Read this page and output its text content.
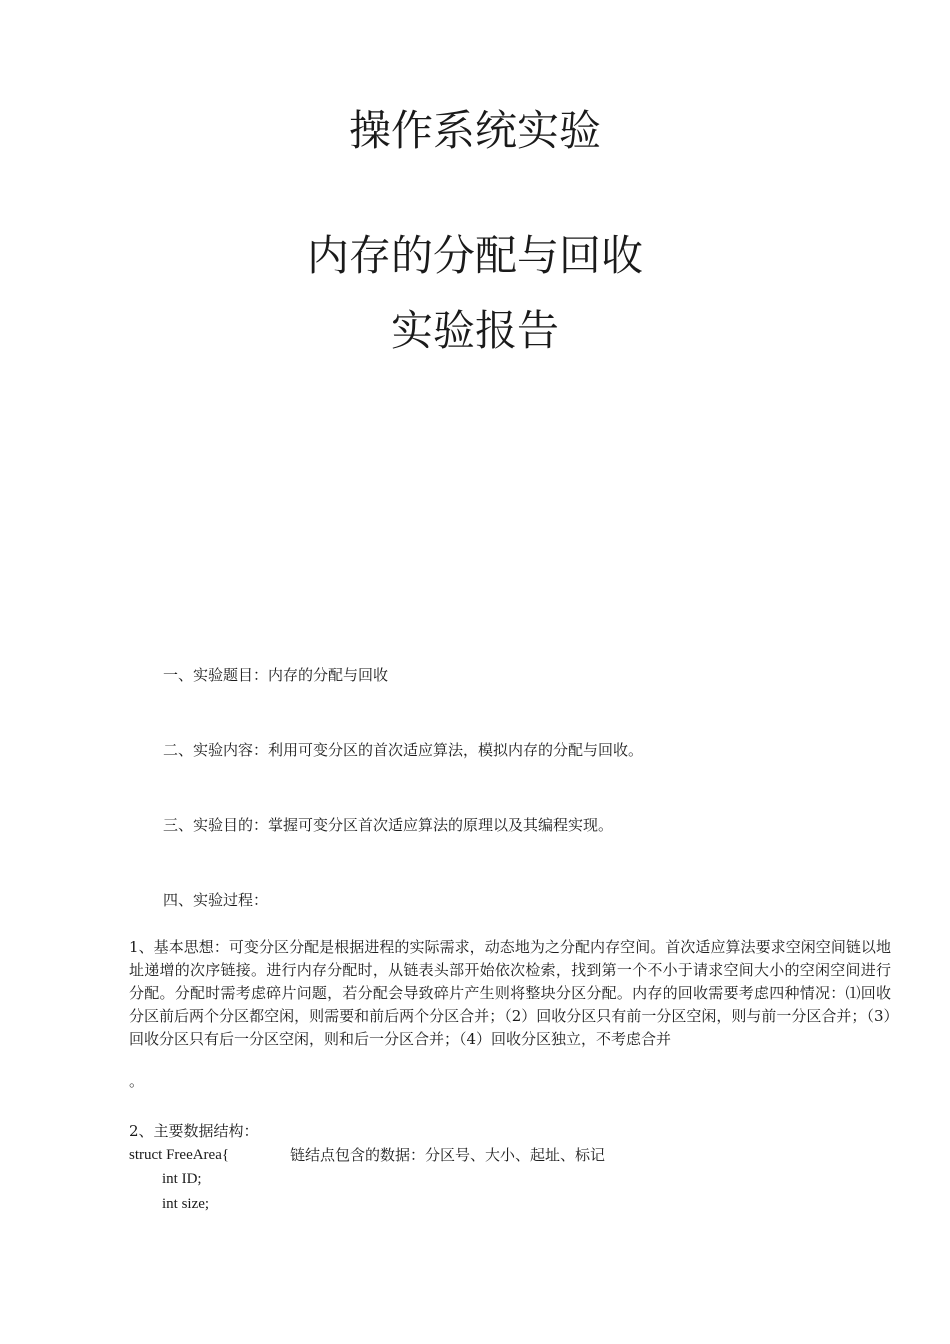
操作系统实验
内存的分配与回收
实验报告

一、实验题目：内存的分配与回收

二、实验内容：利用可变分区的首次适应算法，模拟内存的分配与回收。

三、实验目的：掌握可变分区首次适应算法的原理以及其编程实现。

四、实验过程：

1、基本思想：可变分区分配是根据进程的实际需求，动态地为之分配内存空间。首次适应算法要求空闲空间链以地址递增的次序链接。进行内存分配时，从链表头部开始依次检索，找到第一个不小于请求空间大小的空闲空间进行分配。分配时需考虑碎片问题，若分配会导致碎片产生则将整块分区分配。内存的回收需要考虑四种情况：⑴回收分区前后两个分区都空闲，则需要和前后两个分区合并；（2）回收分区只有前一分区空闲，则与前一分区合并；（3）回收分区只有后一分区空闲，则和后一分区合并；（4）回收分区独立，不考虑合并

。

2、主要数据结构：

struct FreeArea{	链结点包含的数据：分区号、大小、起址、标记

int ID;

int size;
